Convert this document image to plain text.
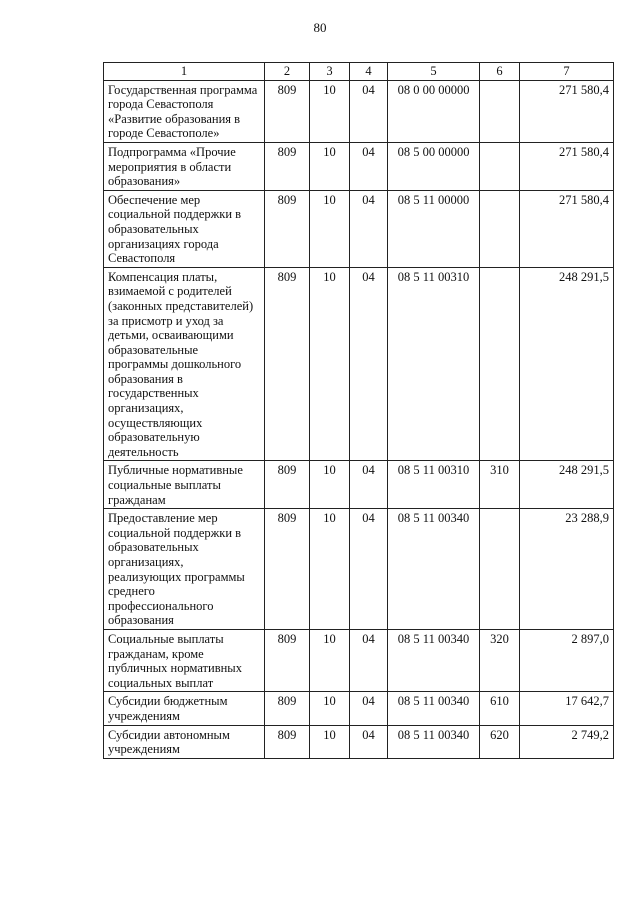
80
1	2	3	4	5	6	7
Государственная программа города Севастополя «Развитие образования в городе Севастополе»	809	10	04	08 0 00 00000		271 580,4
Подпрограмма «Прочие мероприятия в области образования»	809	10	04	08 5 00 00000		271 580,4
Обеспечение мер социальной поддержки в образовательных организациях города Севастополя	809	10	04	08 5 11 00000		271 580,4
Компенсация платы, взимаемой с родителей (законных представителей) за присмотр и уход за детьми, осваивающими образовательные программы дошкольного образования в государственных организациях, осуществляющих образовательную деятельность	809	10	04	08 5 11 00310		248 291,5
Публичные нормативные социальные выплаты гражданам	809	10	04	08 5 11 00310	310	248 291,5
Предоставление мер социальной поддержки в образовательных организациях, реализующих программы среднего профессионального образования	809	10	04	08 5 11 00340		23 288,9
Социальные выплаты гражданам, кроме публичных нормативных социальных выплат	809	10	04	08 5 11 00340	320	2 897,0
Субсидии бюджетным учреждениям	809	10	04	08 5 11 00340	610	17 642,7
Субсидии автономным учреждениям	809	10	04	08 5 11 00340	620	2 749,2
